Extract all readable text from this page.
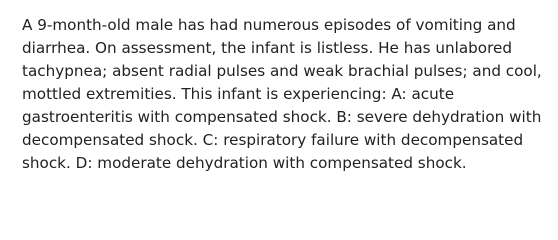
A 9-month-old male has had numerous episodes of vomiting and diarrhea. On assessment, the infant is listless. He has unlabored tachypnea; absent radial pulses and weak brachial pulses; and cool, mottled extremities. This infant is experiencing: A: acute gastroenteritis with compensated shock. B: severe dehydration with decompensated shock. C: respiratory failure with decompensated shock. D: moderate dehydration with compensated shock.
